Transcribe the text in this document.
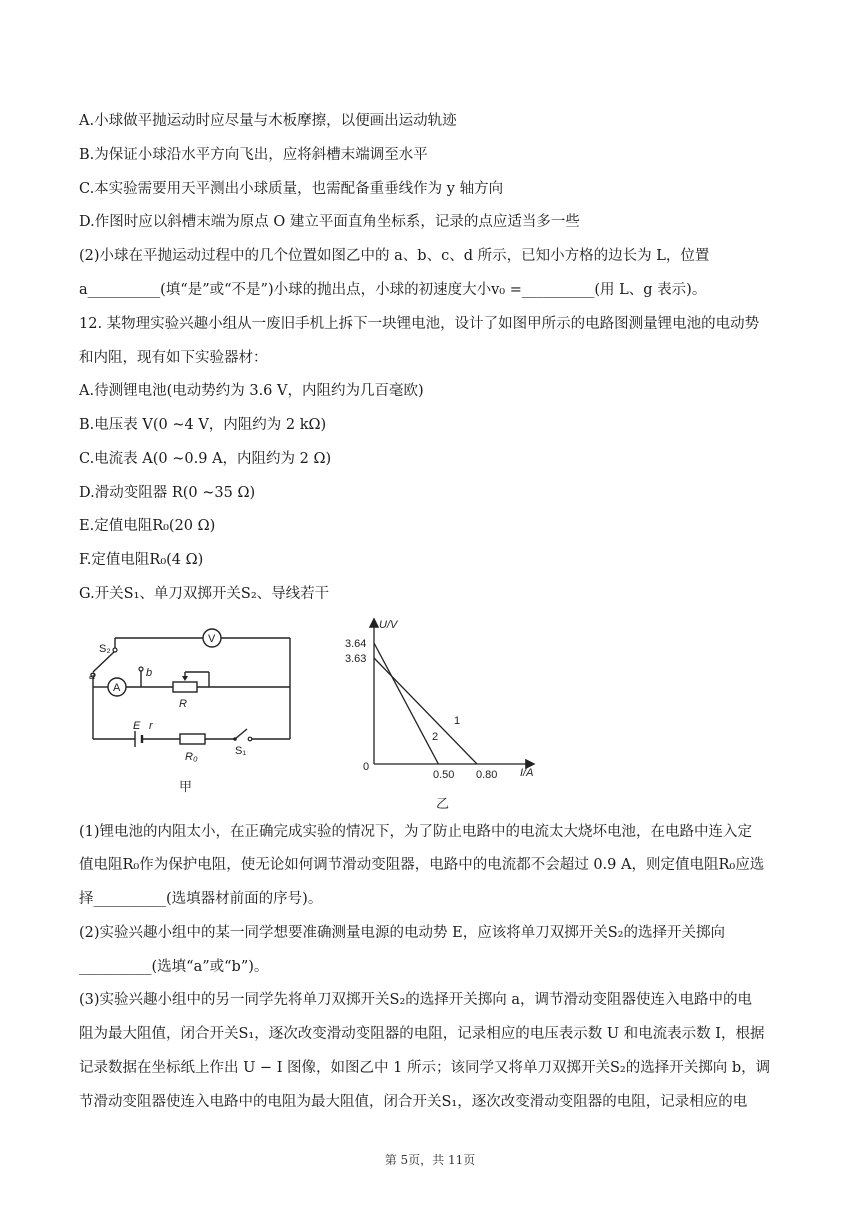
A.小球做平抛运动时应尽量与木板摩擦，以便画出运动轨迹
B.为保证小球沿水平方向飞出，应将斜槽末端调至水平
C.本实验需要用天平测出小球质量，也需配备重垂线作为 y 轴方向
D.作图时应以斜槽末端为原点 O 建立平面直角坐标系，记录的点应适当多一些
(2)小球在平抛运动过程中的几个位置如图乙中的 a、b、c、d 所示，已知小方格的边长为 L，位置
a__________(填“是”或“不是”)小球的抛出点，小球的初速度大小v₀ =__________(用 L、g 表示)。
12. 某物理实验兴趣小组从一废旧手机上拆下一块锂电池，设计了如图甲所示的电路图测量锂电池的电动势
和内阻，现有如下实验器材：
A.待测锂电池(电动势约为 3.6 V，内阻约为几百毫欧)
B.电压表 V(0 ~4 V，内阻约为 2 kΩ)
C.电流表 A(0 ~0.9 A，内阻约为 2 Ω)
D.滑动变阻器 R(0 ~35 Ω)
E.定值电阻R₀(20 Ω)
F.定值电阻R₀(4 Ω)
G.开关S₁、单刀双掷开关S₂、导线若干
(1)锂电池的内阻太小，在正确完成实验的情况下，为了防止电路中的电流太大烧坏电池，在电路中连入定
值电阻R₀作为保护电阻，使无论如何调节滑动变阻器，电路中的电流都不会超过 0.9 A，则定值电阻R₀应选
择__________(选填器材前面的序号)。
(2)实验兴趣小组中的某一同学想要准确测量电源的电动势 E，应该将单刀双掷开关S₂的选择开关掷向
__________(选填“a”或“b”)。
(3)实验兴趣小组中的另一同学先将单刀双掷开关S₂的选择开关掷向 a，调节滑动变阻器使连入电路中的电
阻为最大阻值，闭合开关S₁，逐次改变滑动变阻器的电阻，记录相应的电压表示数 U 和电流表示数 I，根据
记录数据在坐标纸上作出 U − I 图像，如图乙中 1 所示；该同学又将单刀双掷开关S₂的选择开关掷向 b，调
节滑动变阻器使连入电路中的电阻为最大阻值，闭合开关S₁，逐次改变滑动变阻器的电阻，记录相应的电
V
A
R
S₂
a	b
E r
R₀	S₁
甲
U/V
I/A
0
3.64
3.63
0.50 0.80
1
2
乙
第 5页，共 11页
